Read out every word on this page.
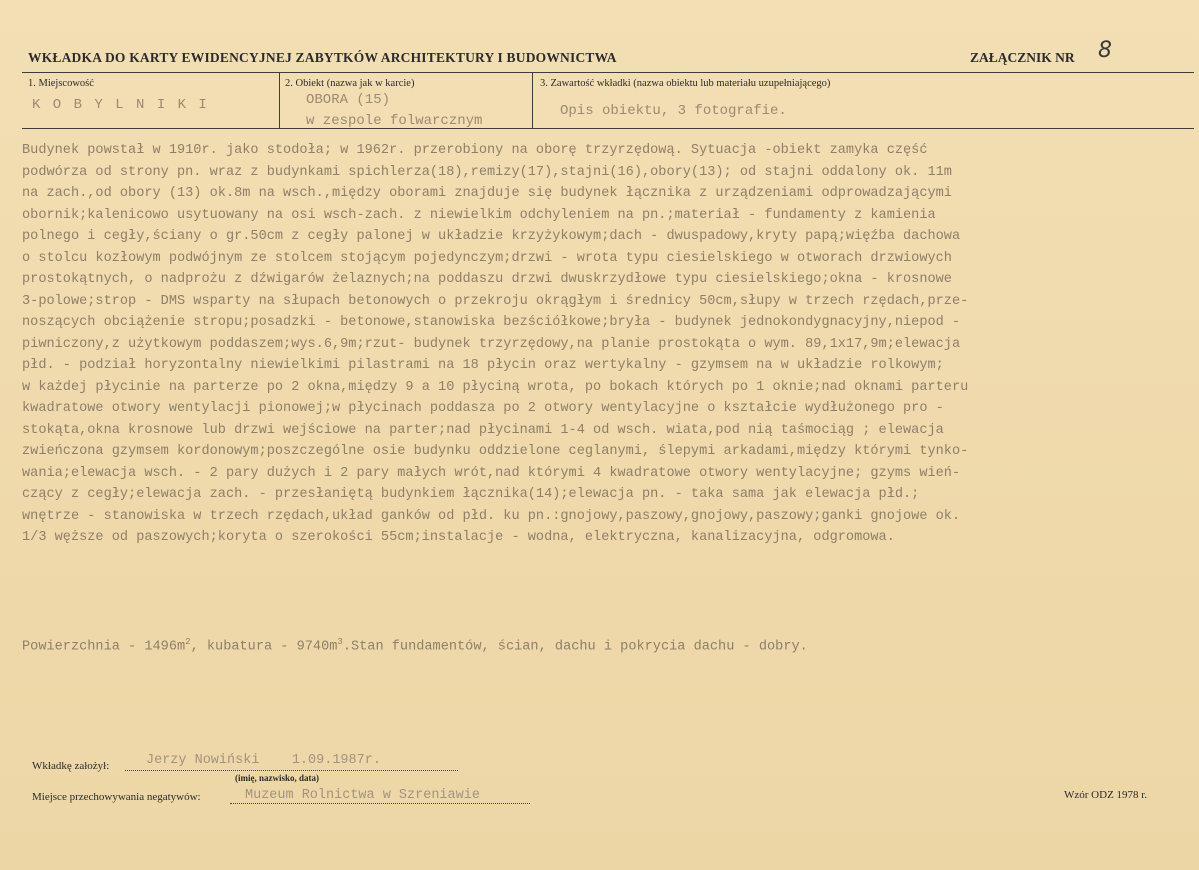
WKŁADKA DO KARTY EWIDENCYJNEJ ZABYTKÓW ARCHITEKTURY I BUDOWNICTWA	ZAŁĄCZNIK NR 8
1. Miejscowość
K O B Y L N I K I
2. Obiekt (nazwa jak w karcie)
OBORA (15)
w zespole folwarcznym
3. Zawartość wkładki (nazwa obiektu lub materiału uzupełniającego)
Opis obiektu, 3 fotografie.
Budynek powstał w 1910r. jako stodoła; w 1962r. przerobiony na oborę trzyrzędową. Sytuacja -obiekt zamyka część
podwórza od strony pn. wraz z budynkami spichlerza(18),remizy(17),stajni(16),obory(13); od stajni oddalony ok. 11m
na zach.,od obory (13) ok.8m na wsch.,między oborami znajduje się budynek łącznika z urządzeniami odprowadzającymi
obornik;kalenicowo usytuowany na osi wsch-zach. z niewielkim odchyleniem na pn.;materiał - fundamenty z kamienia
polnego i cegły,ściany o gr.50cm z cegły palonej w układzie krzyżykowym;dach - dwuspadowy,kryty papą;więźba dachowa
o stolcu kozłowym podwójnym ze stolcem stojącym pojedynczym;drzwi - wrota typu ciesielskiego w otworach drzwiowych
prostokątnych, o nadprożu z dźwigarów żelaznych;na poddaszu drzwi dwuskrzydłowe typu ciesielskiego;okna - krosnowe
3-polowe;strop - DMS wsparty na słupach betonowych o przekroju okrągłym i średnicy 50cm,słupy w trzech rzędach,prze-
noszących obciążenie stropu;posadzki - betonowe,stanowiska bezściółkowe;bryła - budynek jednokondygnacyjny,niepod -
piwniczony,z użytkowym poddaszem;wys.6,9m;rzut- budynek trzyrzędowy,na planie prostokąta o wym. 89,1x17,9m;elewacja
płd. - podział horyzontalny niewielkimi pilastrami na 18 płycin oraz wertykalny - gzymsem na w układzie rolkowym;
w każdej płycinie na parterze po 2 okna,między 9 a 10 płyciną wrota, po bokach których po 1 oknie;nad oknami parteru
kwadratowe otwory wentylacji pionowej;w płycinach poddasza po 2 otwory wentylacyjne o kształcie wydłużonego pro -
stokąta,okna krosnowe lub drzwi wejściowe na parter;nad płycinami 1-4 od wsch. wiata,pod nią taśmociąg ; elewacja
zwieńczona gzymsem kordonowym;poszczególne osie budynku oddzielone ceglanymi, ślepymi arkadami,między którymi tynko-
wania;elewacja wsch. - 2 pary dużych i 2 pary małych wrót,nad którymi 4 kwadratowe otwory wentylacyjne; gzyms wień-
czący z cegły;elewacja zach. - przesłaniętą budynkiem łącznika(14);elewacja pn. - taka sama jak elewacja płd.;
wnętrze - stanowiska w trzech rzędach,układ ganków od płd. ku pn.:gnojowy,paszowy,gnojowy,paszowy;ganki gnojowe ok.
1/3 węższe od paszowych;koryta o szerokości 55cm;instalacje - wodna, elektryczna, kanalizacyjna, odgromowa.
Powierzchnia - $1496m^2$, kubatura - $9740m^3.Stan$ fundamentów, ścian, dachu i pokrycia dachu - dobry.
Wkładkę założył:	Jerzy Nowiński    1.09.1987r.
(imię, nazwisko, data)
Miejsce przechowywania negatywów:	Muzeum Rolnictwa w Szreniawie	Wzór ODZ 1978 r.
